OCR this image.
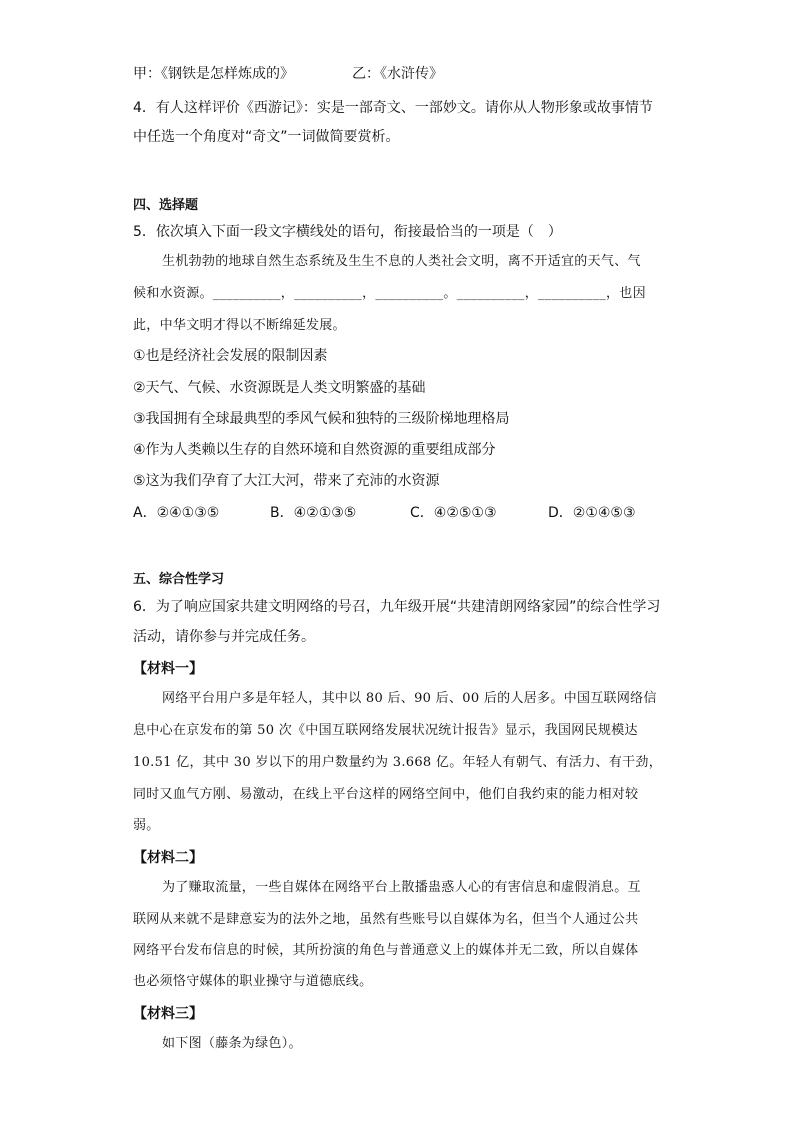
甲：《钢铁是怎样炼成的》	乙：《水浒传》
4．有人这样评价《西游记》：实是一部奇文、一部妙文。请你从人物形象或故事情节
中任选一个角度对“奇文”一词做简要赏析。
四、选择题
5．依次填入下面一段文字横线处的语句，衔接最恰当的一项是（　）
生机勃勃的地球自然生态系统及生生不息的人类社会文明，离不开适宜的天气、气
候和水资源。__________，__________，__________。__________，__________，也因
此，中华文明才得以不断绵延发展。
①也是经济社会发展的限制因素
②天气、气候、水资源既是人类文明繁盛的基础
③我国拥有全球最典型的季风气候和独特的三级阶梯地理格局
④作为人类赖以生存的自然环境和自然资源的重要组成部分
⑤这为我们孕育了大江大河，带来了充沛的水资源
A．②④①③⑤	B．④②①③⑤	C．④②⑤①③	D．②①④⑤③
五、综合性学习
6．为了响应国家共建文明网络的号召，九年级开展“共建清朗网络家园”的综合性学习
活动，请你参与并完成任务。
【材料一】
网络平台用户多是年轻人，其中以 80 后、90 后、00 后的人居多。中国互联网络信
息中心在京发布的第 50 次《中国互联网络发展状况统计报告》显示，我国网民规模达
10.51 亿，其中 30 岁以下的用户数量约为 3.668 亿。年轻人有朝气、有活力、有干劲，
同时又血气方刚、易激动，在线上平台这样的网络空间中，他们自我约束的能力相对较
弱。
【材料二】
为了赚取流量，一些自媒体在网络平台上散播蛊惑人心的有害信息和虚假消息。互
联网从来就不是肆意妄为的法外之地，虽然有些账号以自媒体为名，但当个人通过公共
网络平台发布信息的时候，其所扮演的角色与普通意义上的媒体并无二致，所以自媒体
也必须恪守媒体的职业操守与道德底线。
【材料三】
如下图（藤条为绿色）。
